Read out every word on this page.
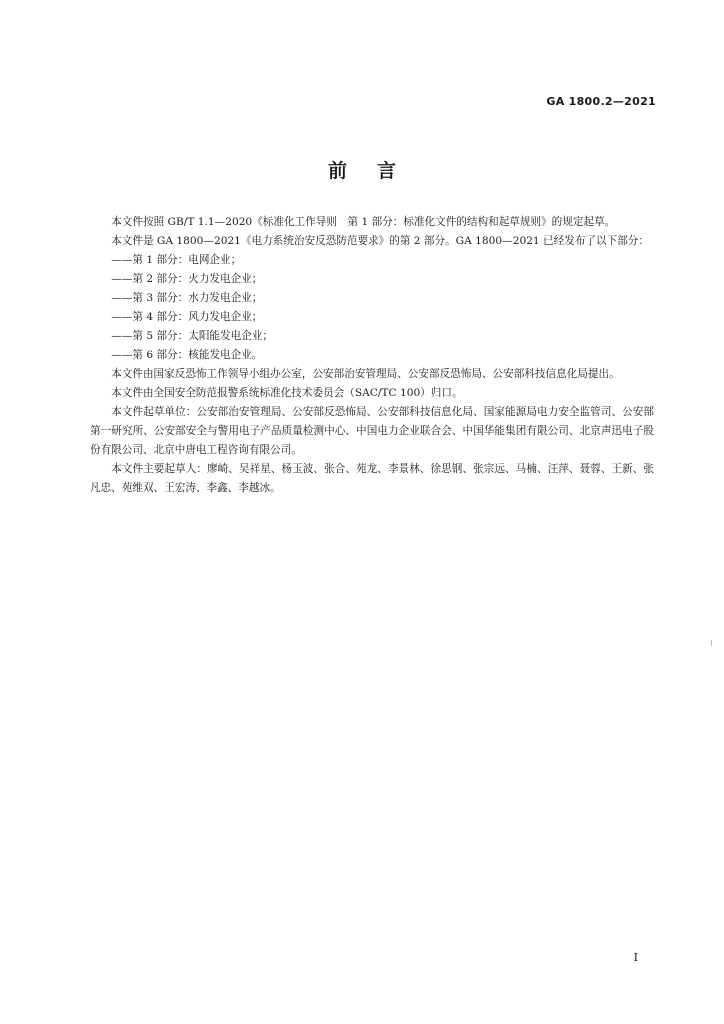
GA 1800.2—2021
前言

本文件按照 GB/T 1.1—2020《标准化工作导则　第 1 部分：标准化文件的结构和起草规则》的规定起草。

本文件是 GA 1800—2021《电力系统治安反恐防范要求》的第 2 部分。GA 1800—2021 已经发布了以下部分：

——第 1 部分：电网企业；

——第 2 部分：火力发电企业；

——第 3 部分：水力发电企业；

——第 4 部分：风力发电企业；

——第 5 部分：太阳能发电企业；

——第 6 部分：核能发电企业。

本文件由国家反恐怖工作领导小组办公室，公安部治安管理局、公安部反恐怖局、公安部科技信息化局提出。

本文件由全国安全防范报警系统标准化技术委员会（SAC/TC 100）归口。

本文件起草单位：公安部治安管理局、公安部反恐怖局、公安部科技信息化局、国家能源局电力安全监管司、公安部第一研究所、公安部安全与警用电子产品质量检测中心、中国电力企业联合会、中国华能集团有限公司、北京声迅电子股份有限公司、北京中唐电工程咨询有限公司。

本文件主要起草人：廖崎、吴祥星、杨玉波、张合、苑龙、李景林、徐思钢、张宗远、马楠、汪萍、聂蓉、王新、张凡忠、苑维双、王宏涛、李鑫、李越冰。

I
